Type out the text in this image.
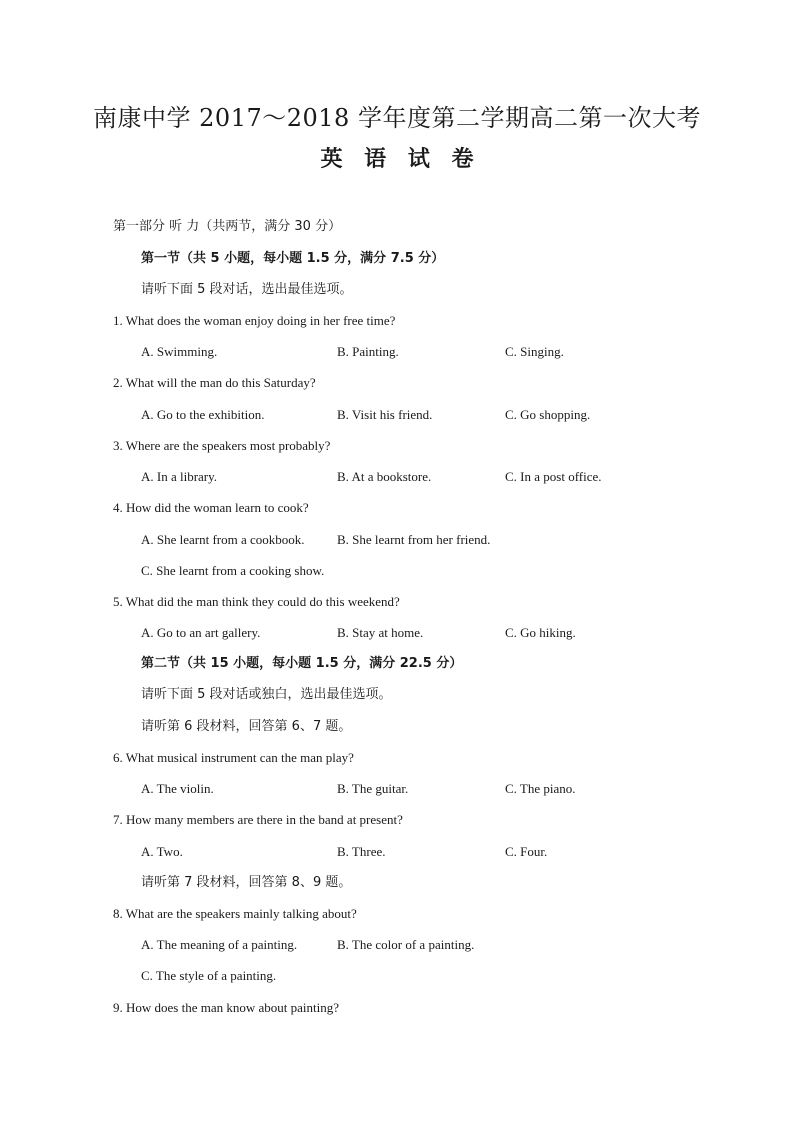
南康中学 2017～2018 学年度第二学期高二第一次大考
英 语 试 卷
第一部分 听 力（共两节，满分 30 分）
第一节（共 5 小题，每小题 1.5 分，满分 7.5 分）
请听下面 5 段对话，选出最佳选项。
1. What does the woman enjoy doing in her free time?
A. Swimming.	B. Painting.	C. Singing.
2. What will the man do this Saturday?
A. Go to the exhibition.	B. Visit his friend.	C. Go shopping.
3. Where are the speakers most probably?
A. In a library.	B. At a bookstore.	C. In a post office.
4. How did the woman learn to cook?
A. She learnt from a cookbook. B. She learnt from her friend.
C. She learnt from a cooking show.
5. What did the man think they could do this weekend?
A. Go to an art gallery.	B. Stay at home.	C. Go hiking.
第二节（共 15 小题，每小题 1.5 分，满分 22.5 分）
请听下面 5 段对话或独白，选出最佳选项。
请听第 6 段材料，回答第 6、7 题。
6. What musical instrument can the man play?
A. The violin.	B. The guitar.	C. The piano.
7. How many members are there in the band at present?
A. Two.	B. Three.	C. Four.
请听第 7 段材料，回答第 8、9 题。
8. What are the speakers mainly talking about?
A. The meaning of a painting.	B. The color of a painting.
C. The style of a painting.
9. How does the man know about painting?
